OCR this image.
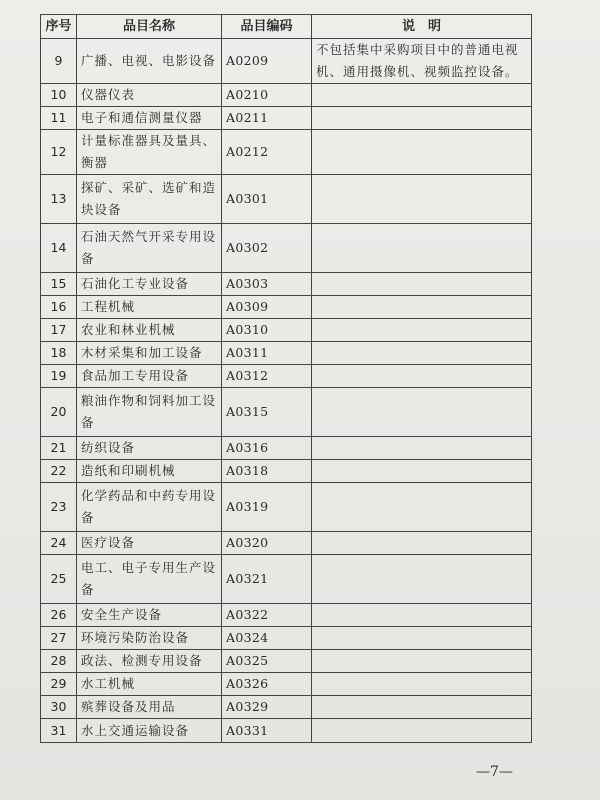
序号	品目名称	品目编码	说　明
9	广播、电视、电影设备	A0209	不包括集中采购项目中的普通电视机、通用摄像机、视频监控设备。
10	仪器仪表	A0210	
11	电子和通信测量仪器	A0211	
12	计量标准器具及量具、衡器	A0212	
13	探矿、采矿、选矿和造块设备	A0301	
14	石油天然气开采专用设备	A0302	
15	石油化工专业设备	A0303	
16	工程机械	A0309	
17	农业和林业机械	A0310	
18	木材采集和加工设备	A0311	
19	食品加工专用设备	A0312	
20	粮油作物和饲料加工设备	A0315	
21	纺织设备	A0316	
22	造纸和印刷机械	A0318	
23	化学药品和中药专用设备	A0319	
24	医疗设备	A0320	
25	电工、电子专用生产设备	A0321	
26	安全生产设备	A0322	
27	环境污染防治设备	A0324	
28	政法、检测专用设备	A0325	
29	水工机械	A0326	
30	殡葬设备及用品	A0329	
31	水上交通运输设备	A0331	
—7—
